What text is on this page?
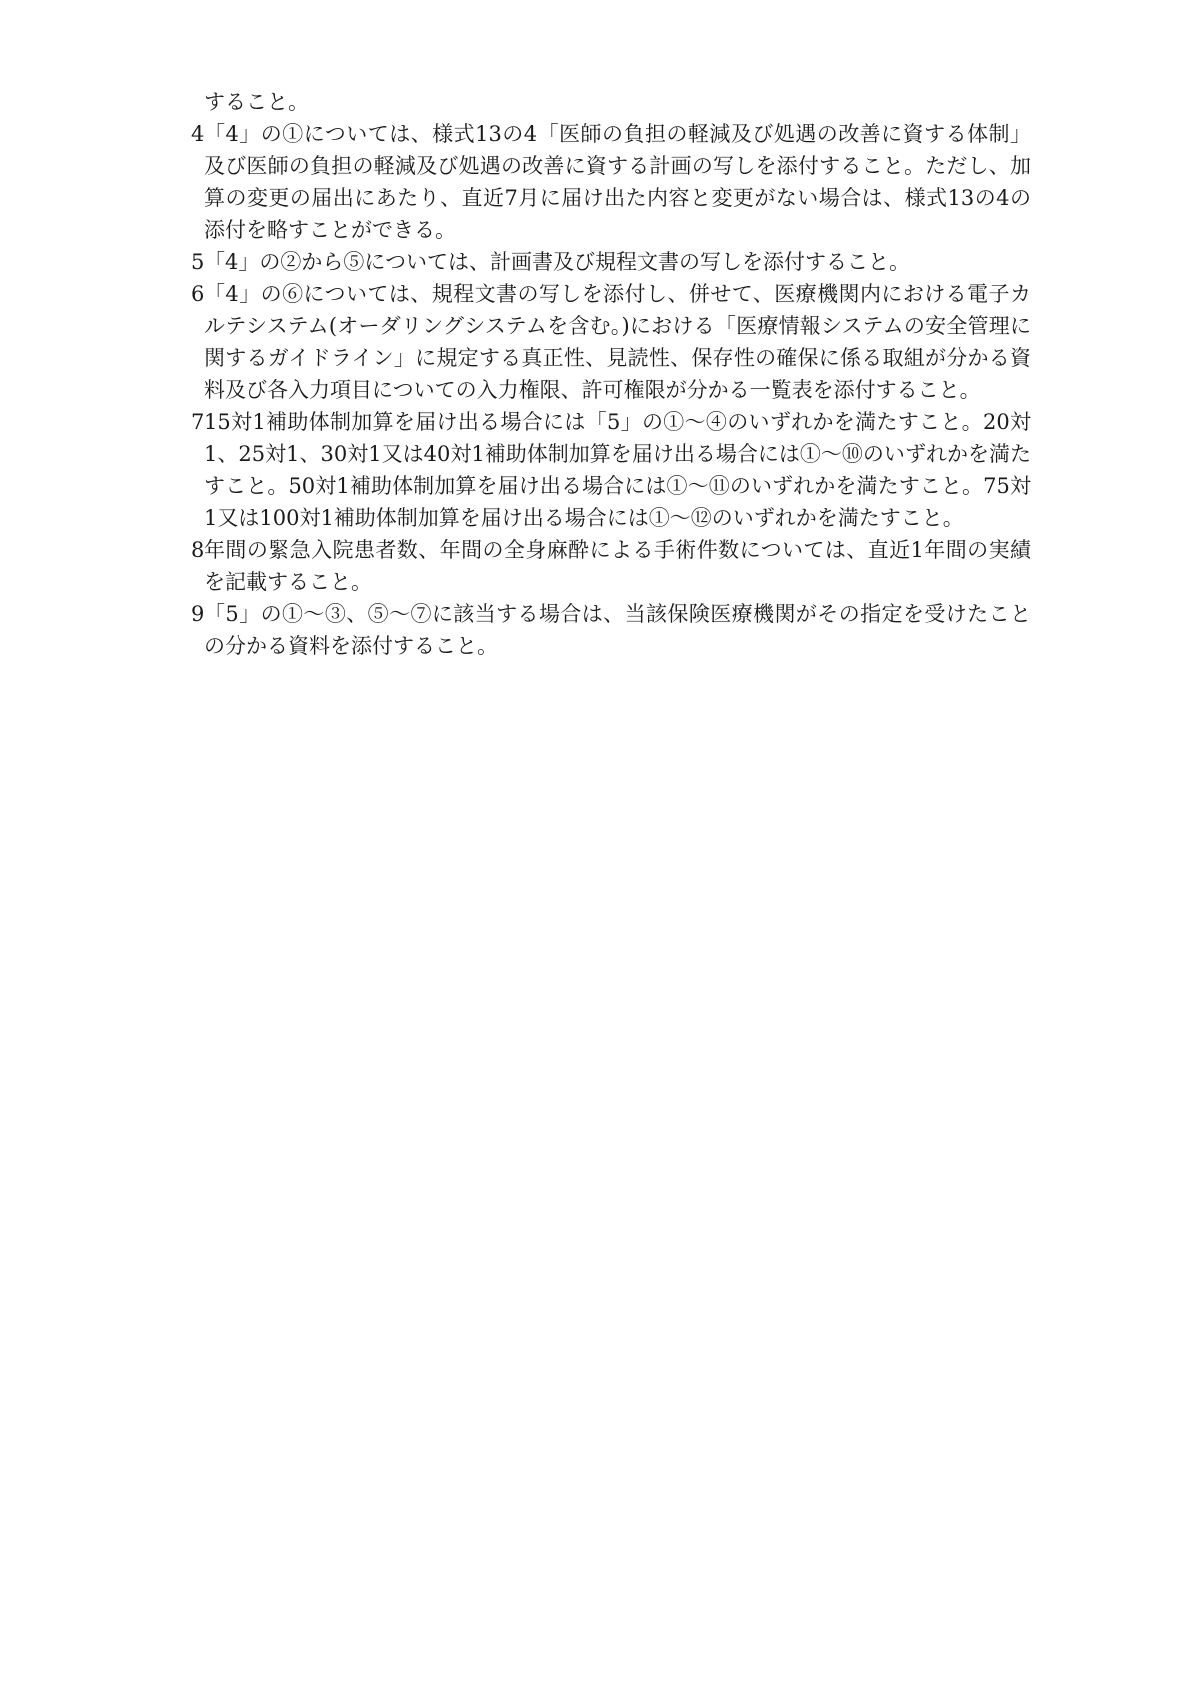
すること。

4 「4」の①については、様式13の4「医師の負担の軽減及び処遇の改善に資する体制」及び医師の負担の軽減及び処遇の改善に資する計画の写しを添付すること。ただし、加算の変更の届出にあたり、直近7月に届け出た内容と変更がない場合は、様式13の4の添付を略すことができる。
5 「4」の②から⑤については、計画書及び規程文書の写しを添付すること。
6 「4」の⑥については、規程文書の写しを添付し、併せて、医療機関内における電子カルテシステム(オーダリングシステムを含む。)における「医療情報システムの安全管理に関するガイドライン」に規定する真正性、見読性、保存性の確保に係る取組が分かる資料及び各入力項目についての入力権限、許可権限が分かる一覧表を添付すること。
7 15対1補助体制加算を届け出る場合には「5」の①～④のいずれかを満たすこと。20対1、25対1、30対1又は40対1補助体制加算を届け出る場合には①～⑩のいずれかを満たすこと。50対1補助体制加算を届け出る場合には①～⑪のいずれかを満たすこと。75対1又は100対1補助体制加算を届け出る場合には①～⑫のいずれかを満たすこと。
8 年間の緊急入院患者数、年間の全身麻酔による手術件数については、直近1年間の実績を記載すること。
9 「5」の①～③、⑤～⑦に該当する場合は、当該保険医療機関がその指定を受けたことの分かる資料を添付すること。
